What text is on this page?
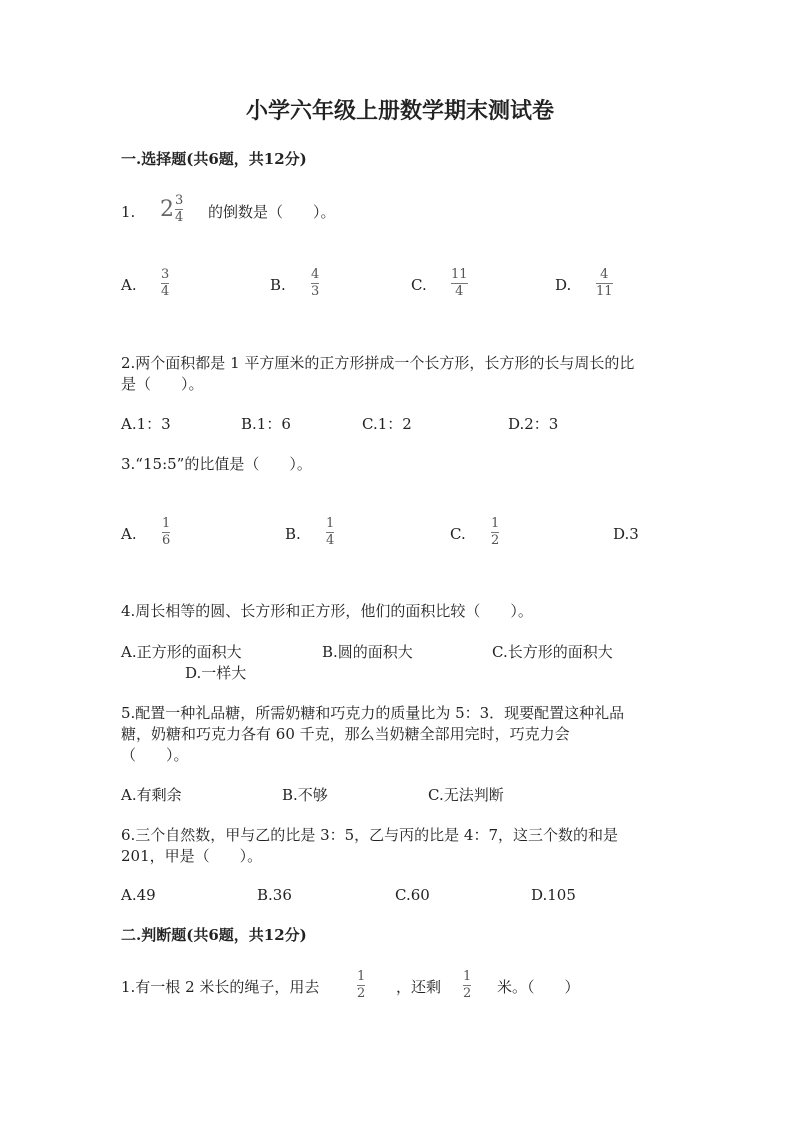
小学六年级上册数学期末测试卷
一.选择题(共6题，共12分)
1. $2 \frac{3}{4}$ 的倒数是（　　）。
A.
3
4	B.
4
3	C.
11
4	D.
4
11
2.两个面积都是 1 平方厘米的正方形拼成一个长方形，长方形的长与周长的比
是（　　）。
A.1：3	B.1：6	C.1：2	D.2：3
3.“15:5”的比值是（　　）。
A.
1
6	B.
1
4	C.
1
2	D.3
4.周长相等的圆、长方形和正方形，他们的面积比较（　　）。
A.正方形的面积大	B.圆的面积大	C.长方形的面积大
D.一样大
5.配置一种礼品糖，所需奶糖和巧克力的质量比为 5：3．现要配置这种礼品
糖，奶糖和巧克力各有 60 千克，那么当奶糖全部用完时，巧克力会
（　　）。
A.有剩余	B.不够	C.无法判断
6.三个自然数，甲与乙的比是 3：5，乙与丙的比是 4：7，这三个数的和是
201，甲是（　　）。
A.49	B.36	C.60	D.105
二.判断题(共6题，共12分)
1.有一根 2 米长的绳子，用去
1
2 ，还剩
1
2 米。（　　）
